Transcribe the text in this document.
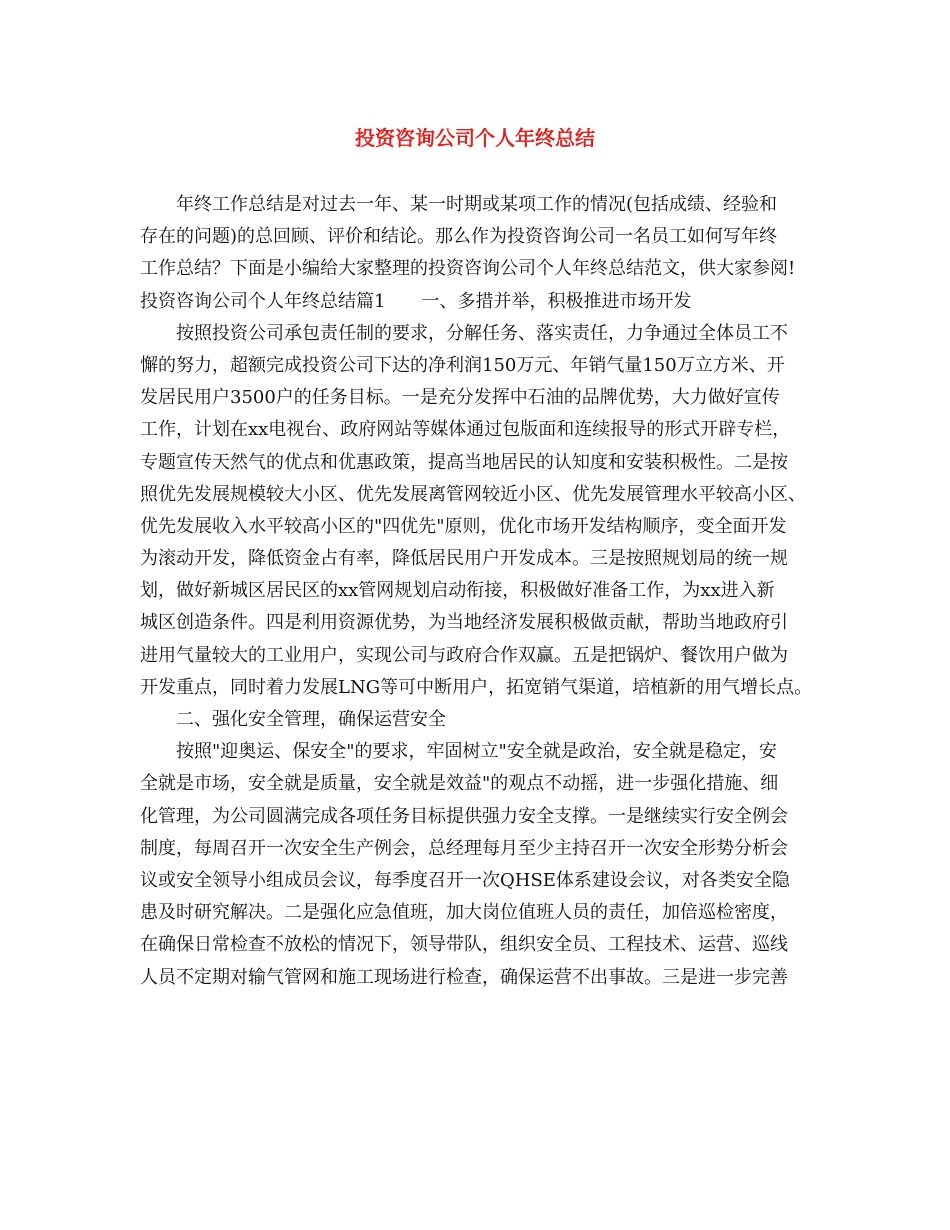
投资咨询公司个人年终总结
年终工作总结是对过去一年、某一时期或某项工作的情况(包括成绩、经验和
存在的问题)的总回顾、评价和结论。那么作为投资咨询公司一名员工如何写年终
工作总结？下面是小编给大家整理的投资咨询公司个人年终总结范文，供大家参阅!
投资咨询公司个人年终总结篇1　　一、多措并举，积极推进市场开发
按照投资公司承包责任制的要求，分解任务、落实责任，力争通过全体员工不
懈的努力，超额完成投资公司下达的净利润150万元、年销气量150万立方米、开
发居民用户3500户的任务目标。一是充分发挥中石油的品牌优势，大力做好宣传
工作，计划在xx电视台、政府网站等媒体通过包版面和连续报导的形式开辟专栏，
专题宣传天然气的优点和优惠政策，提高当地居民的认知度和安装积极性。二是按
照优先发展规模较大小区、优先发展离管网较近小区、优先发展管理水平较高小区、
优先发展收入水平较高小区的"四优先"原则，优化市场开发结构顺序，变全面开发
为滚动开发，降低资金占有率，降低居民用户开发成本。三是按照规划局的统一规
划，做好新城区居民区的xx管网规划启动衔接，积极做好准备工作，为xx进入新
城区创造条件。四是利用资源优势，为当地经济发展积极做贡献，帮助当地政府引
进用气量较大的工业用户，实现公司与政府合作双赢。五是把锅炉、餐饮用户做为
开发重点，同时着力发展LNG等可中断用户，拓宽销气渠道，培植新的用气增长点。
二、强化安全管理，确保运营安全
按照"迎奥运、保安全"的要求，牢固树立"安全就是政治，安全就是稳定，安
全就是市场，安全就是质量，安全就是效益"的观点不动摇，进一步强化措施、细
化管理，为公司圆满完成各项任务目标提供强力安全支撑。一是继续实行安全例会
制度，每周召开一次安全生产例会，总经理每月至少主持召开一次安全形势分析会
议或安全领导小组成员会议，每季度召开一次QHSE体系建设会议，对各类安全隐
患及时研究解决。二是强化应急值班，加大岗位值班人员的责任，加倍巡检密度，
在确保日常检查不放松的情况下，领导带队，组织安全员、工程技术、运营、巡线
人员不定期对输气管网和施工现场进行检查，确保运营不出事故。三是进一步完善
